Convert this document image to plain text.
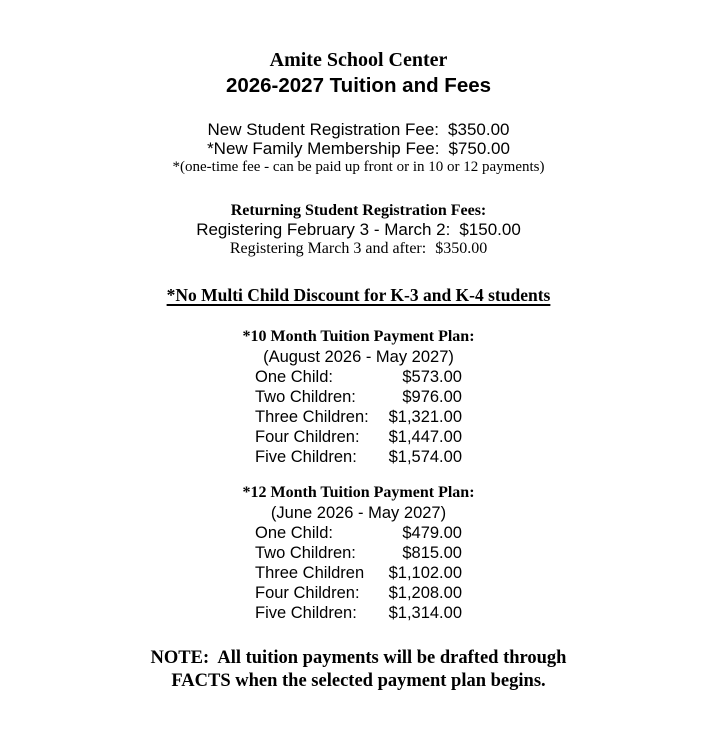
Amite School Center
2026-2027 Tuition and Fees

New Student Registration Fee: $350.00

*New Family Membership Fee: $750.00

*(one-time fee - can be paid up front or in 10 or 12 payments)

Returning Student Registration Fees:

Registering February 3 - March 2: $150.00

Registering March 3 and after: $350.00

*No Multi Child Discount for K-3 and K-4 students

*10 Month Tuition Payment Plan:

(August 2026 - May 2027)

One Child:	$573.00
Two Children:	$976.00
Three Children: $1,321.00
Four Children: $1,447.00
Five Children: $1,574.00

*12 Month Tuition Payment Plan:

(June 2026 - May 2027)

One Child:	$479.00
Two Children:	$815.00
Three Children $1,102.00
Four Children: $1,208.00
Five Children: $1,314.00

NOTE:  All tuition payments will be drafted through

FACTS when the selected payment plan begins.
